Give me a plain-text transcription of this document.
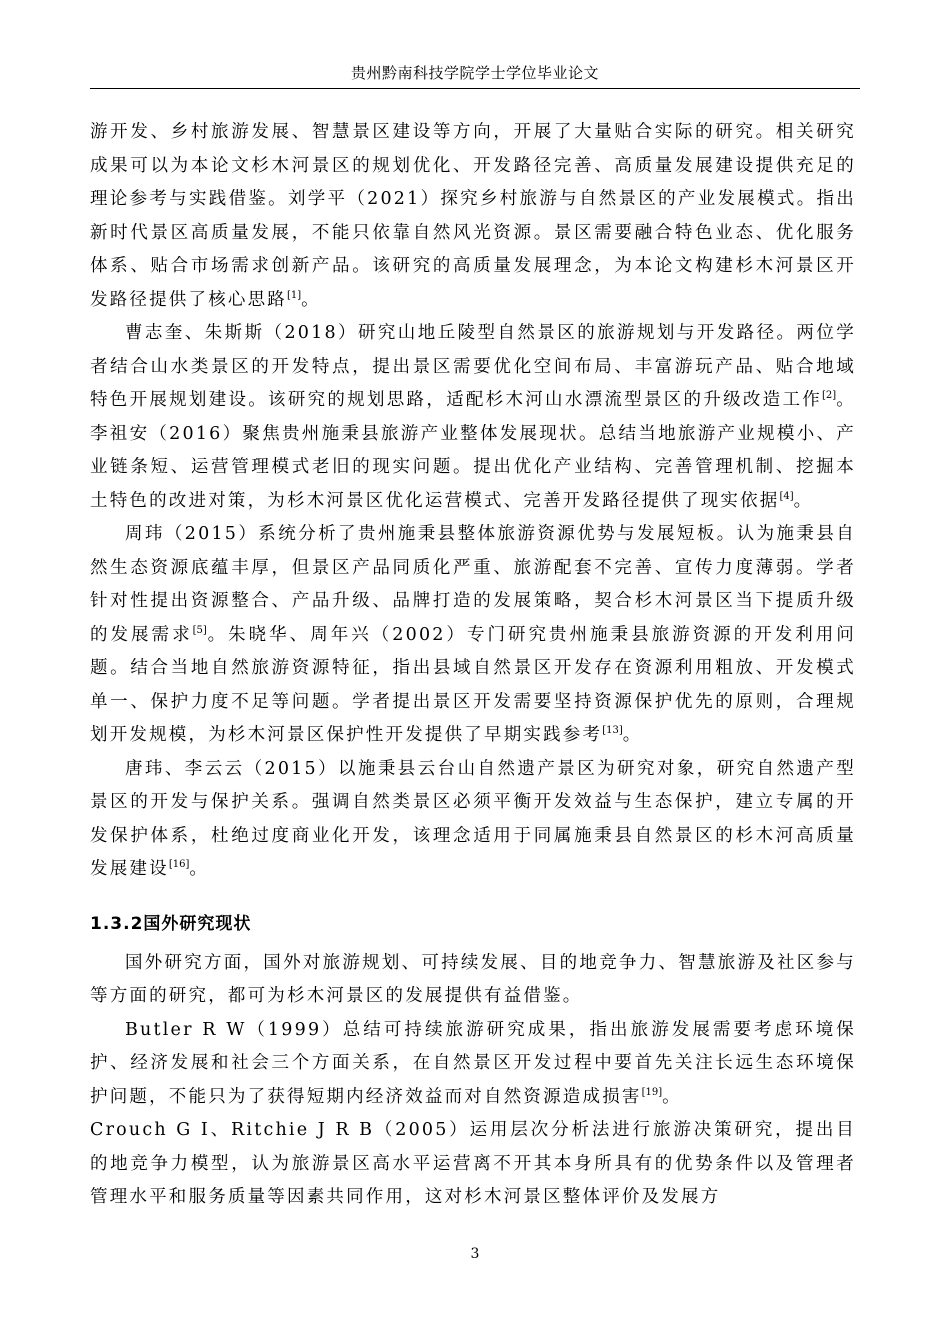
贵州黔南科技学院学士学位毕业论文

游开发、乡村旅游发展、智慧景区建设等方向，开展了大量贴合实际的研究。相关研究成果可以为本论文杉木河景区的规划优化、开发路径完善、高质量发展建设提供充足的理论参考与实践借鉴。刘学平（2021）探究乡村旅游与自然景区的产业发展模式。指出新时代景区高质量发展，不能只依靠自然风光资源。景区需要融合特色业态、优化服务体系、贴合市场需求创新产品。该研究的高质量发展理念，为本论文构建杉木河景区开发路径提供了核心思路[1]。

曹志奎、朱斯斯（2018）研究山地丘陵型自然景区的旅游规划与开发路径。两位学者结合山水类景区的开发特点，提出景区需要优化空间布局、丰富游玩产品、贴合地域特色开展规划建设。该研究的规划思路，适配杉木河山水漂流型景区的升级改造工作[2]。李祖安（2016）聚焦贵州施秉县旅游产业整体发展现状。总结当地旅游产业规模小、产业链条短、运营管理模式老旧的现实问题。提出优化产业结构、完善管理机制、挖掘本土特色的改进对策，为杉木河景区优化运营模式、完善开发路径提供了现实依据[4]。

周玮（2015）系统分析了贵州施秉县整体旅游资源优势与发展短板。认为施秉县自然生态资源底蕴丰厚，但景区产品同质化严重、旅游配套不完善、宣传力度薄弱。学者针对性提出资源整合、产品升级、品牌打造的发展策略，契合杉木河景区当下提质升级的发展需求[5]。朱晓华、周年兴（2002）专门研究贵州施秉县旅游资源的开发利用问题。结合当地自然旅游资源特征，指出县域自然景区开发存在资源利用粗放、开发模式单一、保护力度不足等问题。学者提出景区开发需要坚持资源保护优先的原则，合理规划开发规模，为杉木河景区保护性开发提供了早期实践参考[13]。

唐玮、李云云（2015）以施秉县云台山自然遗产景区为研究对象，研究自然遗产型景区的开发与保护关系。强调自然类景区必须平衡开发效益与生态保护，建立专属的开发保护体系，杜绝过度商业化开发，该理念适用于同属施秉县自然景区的杉木河高质量发展建设[16]。

1.3.2国外研究现状

国外研究方面，国外对旅游规划、可持续发展、目的地竞争力、智慧旅游及社区参与等方面的研究，都可为杉木河景区的发展提供有益借鉴。

Butler R W（1999）总结可持续旅游研究成果，指出旅游发展需要考虑环境保护、经济发展和社会三个方面关系，在自然景区开发过程中要首先关注长远生态环境保护问题，不能只为了获得短期内经济效益而对自然资源造成损害[19]。

Crouch G I、Ritchie J R B（2005）运用层次分析法进行旅游决策研究，提出目的地竞争力模型，认为旅游景区高水平运营离不开其本身所具有的优势条件以及管理者管理水平和服务质量等因素共同作用，这对杉木河景区整体评价及发展方

3
